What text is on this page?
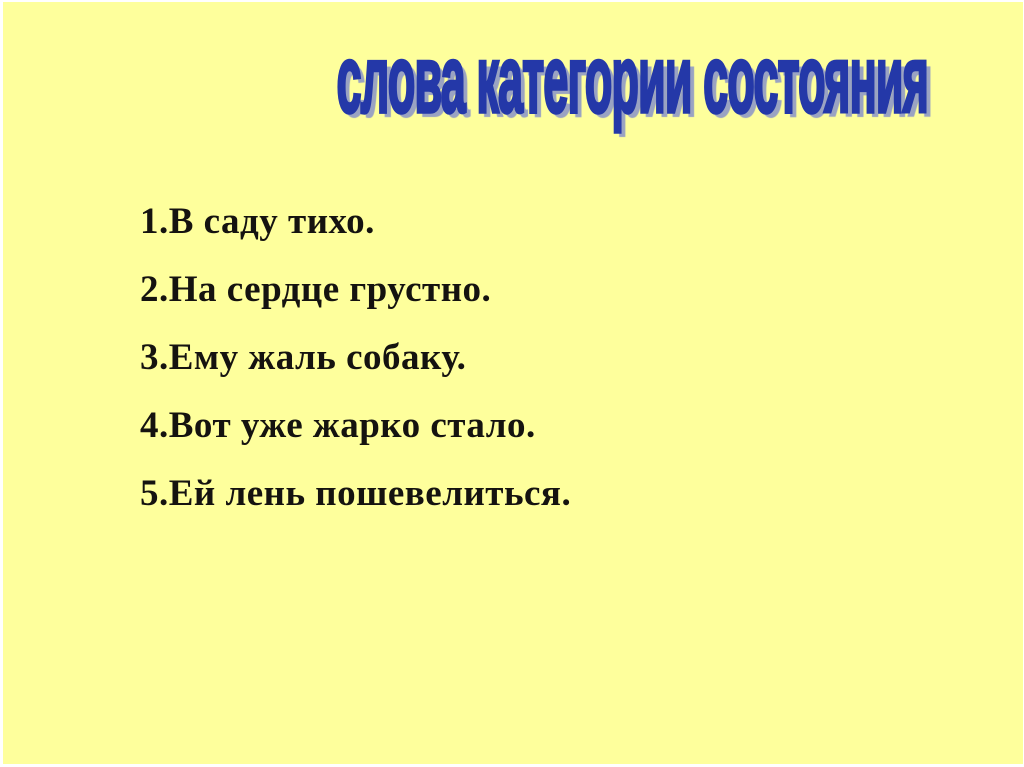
слова категории состояния
1.В саду тихо.
2.На сердце грустно.
3.Ему жаль собаку.
4.Вот уже жарко стало.
5.Ей лень пошевелиться.
